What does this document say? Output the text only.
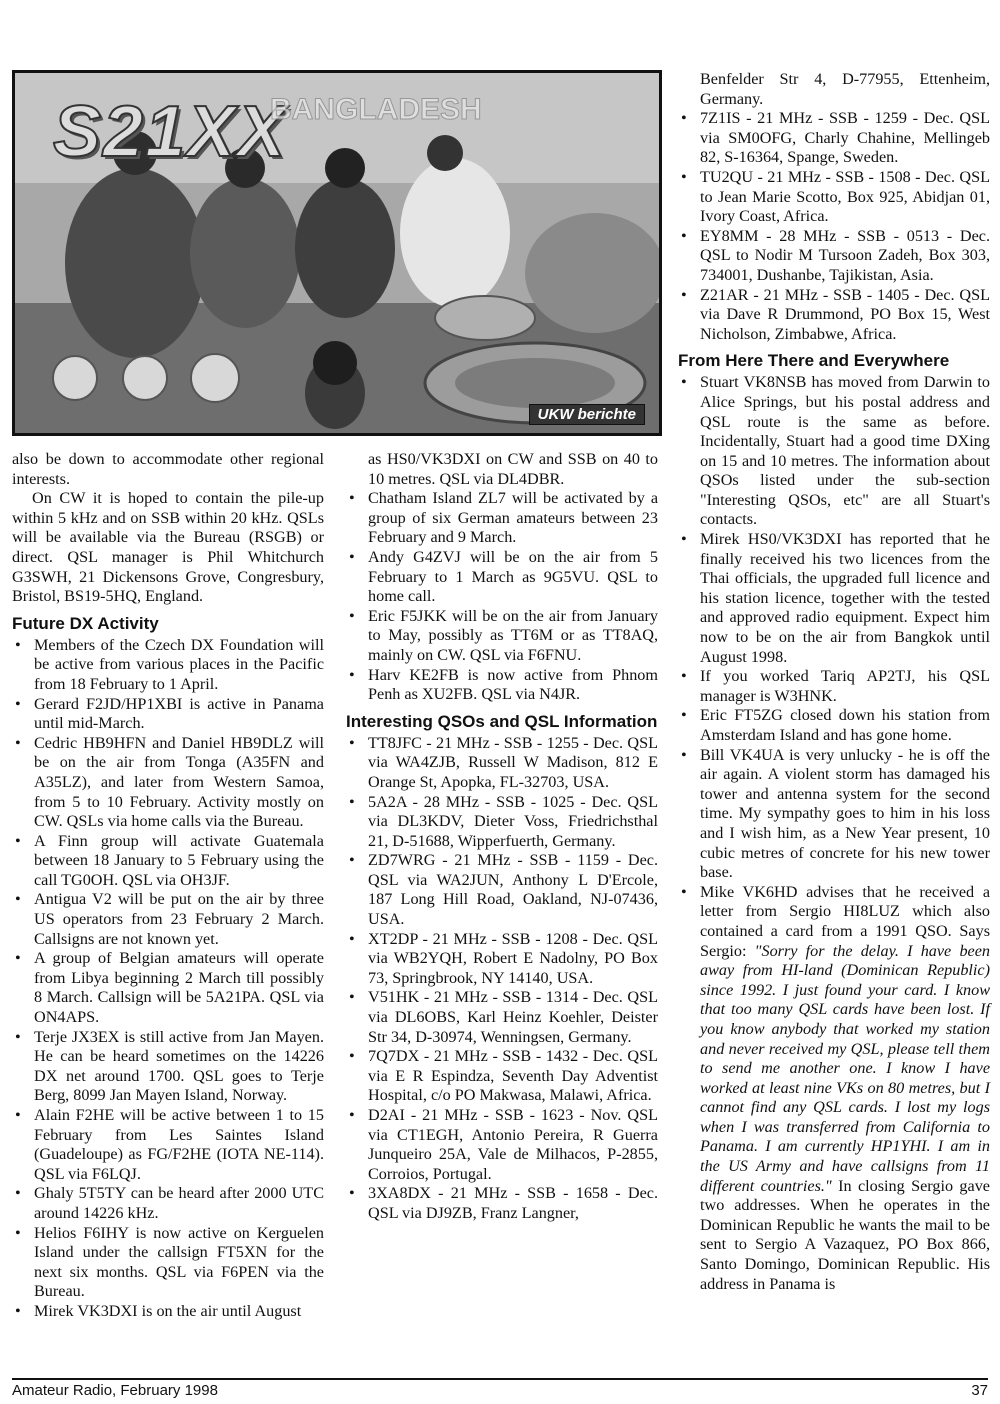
S21XX
BANGLADESH
UKW berichte

also be down to accommodate other regional interests.

On CW it is hoped to contain the pile-up within 5 kHz and on SSB within 20 kHz. QSLs will be available via the Bureau (RSGB) or direct. QSL manager is Phil Whitchurch G3SWH, 21 Dickensons Grove, Congresbury, Bristol, BS19-5HQ, England.

Future DX Activity
• Members of the Czech DX Foundation will be active from various places in the Pacific from 18 February to 1 April.
• Gerard F2JD/HP1XBI is active in Panama until mid-March.
• Cedric HB9HFN and Daniel HB9DLZ will be on the air from Tonga (A35FN and A35LZ), and later from Western Samoa, from 5 to 10 February. Activity mostly on CW. QSLs via home calls via the Bureau.
• A Finn group will activate Guatemala between 18 January to 5 February using the call TG0OH. QSL via OH3JF.
• Antigua V2 will be put on the air by three US operators from 23 February 2 March. Callsigns are not known yet.
• A group of Belgian amateurs will operate from Libya beginning 2 March till possibly 8 March. Callsign will be 5A21PA. QSL via ON4APS.
• Terje JX3EX is still active from Jan Mayen. He can be heard sometimes on the 14226 DX net around 1700. QSL goes to Terje Berg, 8099 Jan Mayen Island, Norway.
• Alain F2HE will be active between 1 to 15 February from Les Saintes Island (Guadeloupe) as FG/F2HE (IOTA NE-114). QSL via F6LQJ.
• Ghaly 5T5TY can be heard after 2000 UTC around 14226 kHz.
• Helios F6IHY is now active on Kerguelen Island under the callsign FT5XN for the next six months. QSL via F6PEN via the Bureau.
• Mirek VK3DXI is on the air until August
as HS0/VK3DXI on CW and SSB on 40 to 10 metres. QSL via DL4DBR.
• Chatham Island ZL7 will be activated by a group of six German amateurs between 23 February and 9 March.
• Andy G4ZVJ will be on the air from 5 February to 1 March as 9G5VU. QSL to home call.
• Eric F5JKK will be on the air from January to May, possibly as TT6M or as TT8AQ, mainly on CW. QSL via F6FNU.
• Harv KE2FB is now active from Phnom Penh as XU2FB. QSL via N4JR.
Interesting QSOs and QSL Information
• TT8JFC - 21 MHz - SSB - 1255 - Dec. QSL via WA4ZJB, Russell W Madison, 812 E Orange St, Apopka, FL-32703, USA.
• 5A2A - 28 MHz - SSB - 1025 - Dec. QSL via DL3KDV, Dieter Voss, Friedrichsthal 21, D-51688, Wipperfuerth, Germany.
• ZD7WRG - 21 MHz - SSB - 1159 - Dec. QSL via WA2JUN, Anthony L D'Ercole, 187 Long Hill Road, Oakland, NJ-07436, USA.
• XT2DP - 21 MHz - SSB - 1208 - Dec. QSL via WB2YQH, Robert E Nadolny, PO Box 73, Springbrook, NY 14140, USA.
• V51HK - 21 MHz - SSB - 1314 - Dec. QSL via DL6OBS, Karl Heinz Koehler, Deister Str 34, D-30974, Wenningsen, Germany.
• 7Q7DX - 21 MHz - SSB - 1432 - Dec. QSL via E R Espindza, Seventh Day Adventist Hospital, c/o PO Makwasa, Malawi, Africa.
• D2AI - 21 MHz - SSB - 1623 - Nov. QSL via CT1EGH, Antonio Pereira, R Guerra Junqueiro 25A, Vale de Milhacos, P-2855, Corroios, Portugal.
• 3XA8DX - 21 MHz - SSB - 1658 - Dec. QSL via DJ9ZB, Franz Langner,
Benfelder Str 4, D-77955, Ettenheim, Germany.
• 7Z1IS - 21 MHz - SSB - 1259 - Dec. QSL via SM0OFG, Charly Chahine, Mellingeb 82, S-16364, Spange, Sweden.
• TU2QU - 21 MHz - SSB - 1508 - Dec. QSL to Jean Marie Scotto, Box 925, Abidjan 01, Ivory Coast, Africa.
• EY8MM - 28 MHz - SSB - 0513 - Dec. QSL to Nodir M Tursoon Zadeh, Box 303, 734001, Dushanbe, Tajikistan, Asia.
• Z21AR - 21 MHz - SSB - 1405 - Dec. QSL via Dave R Drummond, PO Box 15, West Nicholson, Zimbabwe, Africa.
From Here There and Everywhere
• Stuart VK8NSB has moved from Darwin to Alice Springs, but his postal address and QSL route is the same as before. Incidentally, Stuart had a good time DXing on 15 and 10 metres. The information about QSOs listed under the sub-section "Interesting QSOs, etc" are all Stuart's contacts.
• Mirek HS0/VK3DXI has reported that he finally received his two licences from the Thai officials, the upgraded full licence and his station licence, together with the tested and approved radio equipment. Expect him now to be on the air from Bangkok until August 1998.
• If you worked Tariq AP2TJ, his QSL manager is W3HNK.
• Eric FT5ZG closed down his station from Amsterdam Island and has gone home.
• Bill VK4UA is very unlucky - he is off the air again. A violent storm has damaged his tower and antenna system for the second time. My sympathy goes to him in his loss and I wish him, as a New Year present, 10 cubic metres of concrete for his new tower base.
• Mike VK6HD advises that he received a letter from Sergio HI8LUZ which also contained a card from a 1991 QSO. Says Sergio: "Sorry for the delay. I have been away from HI-land (Dominican Republic) since 1992. I just found your card. I know that too many QSL cards have been lost. If you know anybody that worked my station and never received my QSL, please tell them to send me another one. I know I have worked at least nine VKs on 80 metres, but I cannot find any QSL cards. I lost my logs when I was transferred from California to Panama. I am currently HP1YHI. I am in the US Army and have callsigns from 11 different countries." In closing Sergio gave two addresses. When he operates in the Dominican Republic he wants the mail to be sent to Sergio A Vazaquez, PO Box 866, Santo Domingo, Dominican Republic. His address in Panama is
Amateur Radio, February 1998	37
